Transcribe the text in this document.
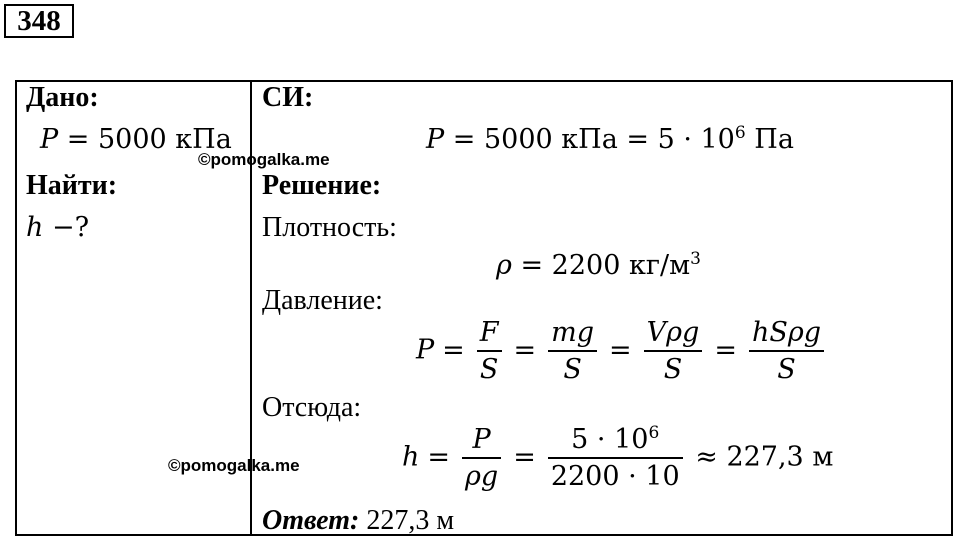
348
Дано:
P = 5000 кПа
©pomogalka.me
Найти:
h −?
СИ:
P = 5000 кПа = $5 \cdot 10^6$ Па
Решение:
Плотность:
ρ = 2200 $кг/м^3$
Давление:
$P = \frac{F}{S} = \frac{mg}{S} = \frac{\text{Vρg}}{S} = \frac{\text{hSρg}}{S}$
Отсюда:
$h = \frac{P}{\rho g} = \frac{5 \cdot 10^6}{2200 \cdot 10} \approx 227,3$ м
©pomogalka.me
Ответ: 227,3 м
